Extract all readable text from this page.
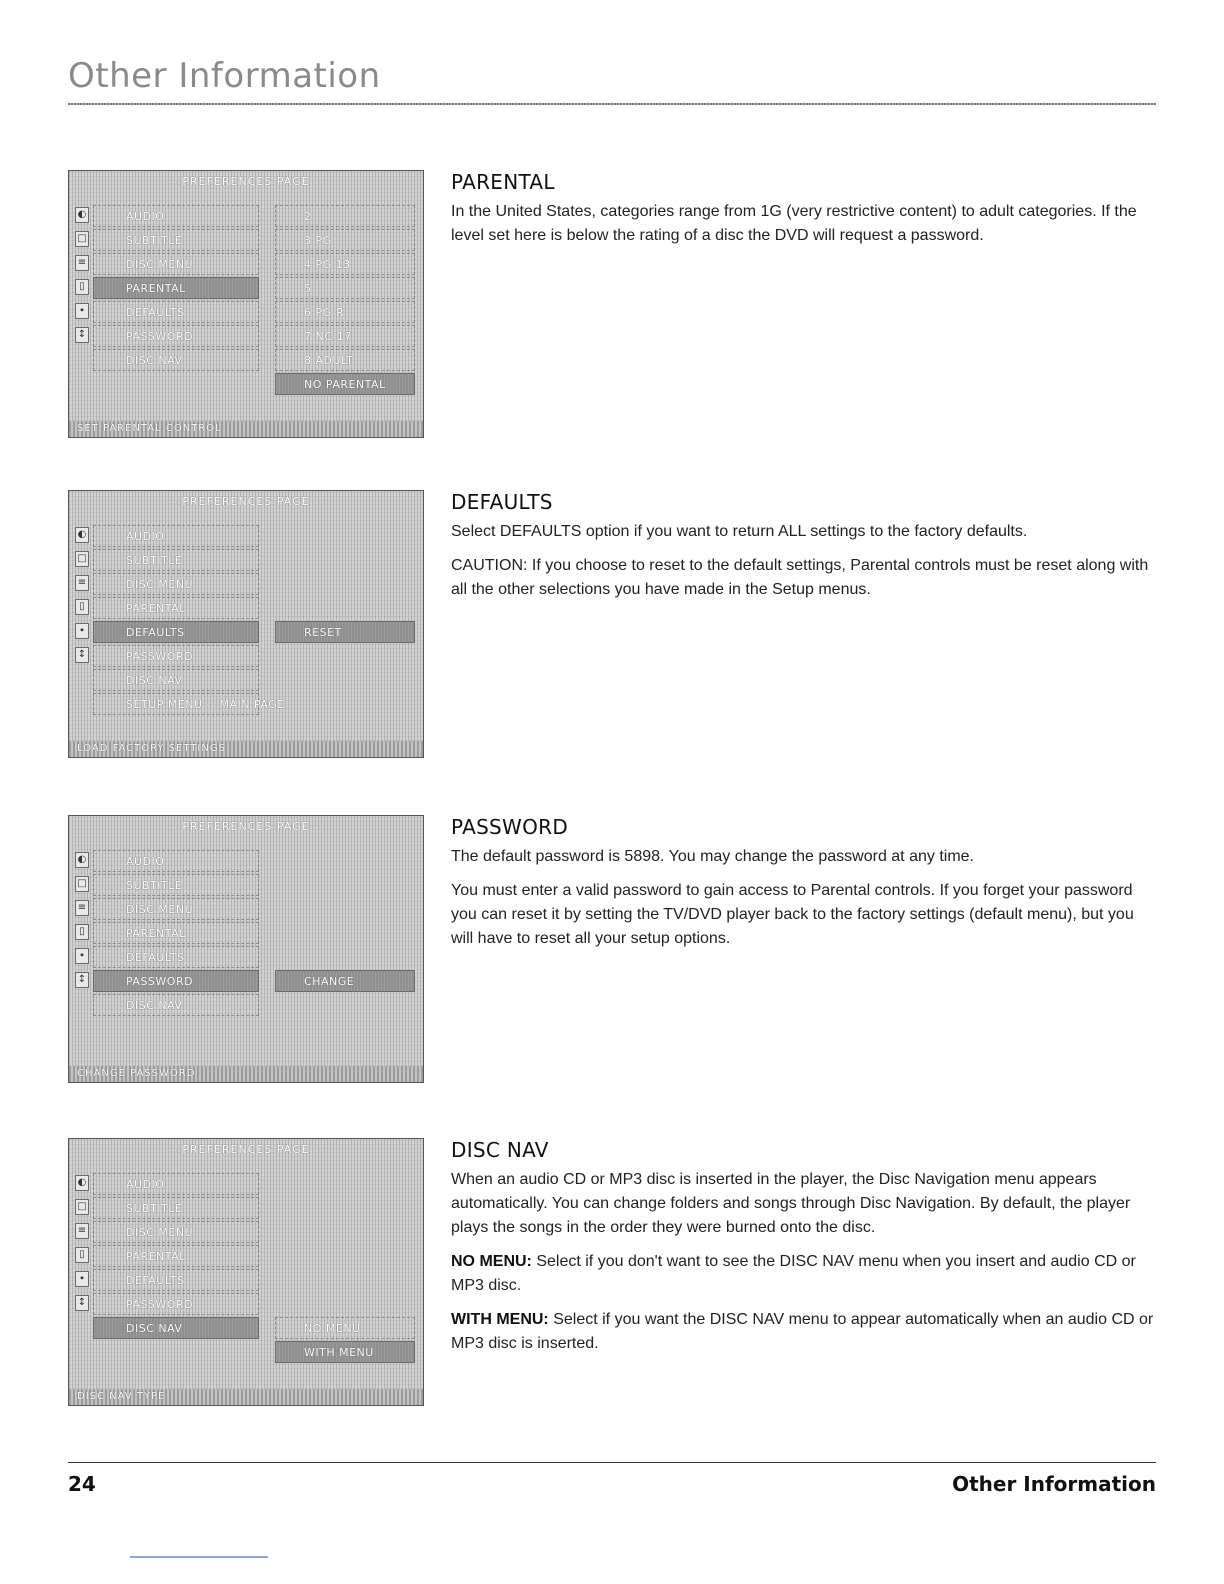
Other Information
-- PREFERENCES PAGE --
◐
□
≡
▯
∙
↕
AUDIO
SUBTITLE
DISC MENU
PARENTAL
DEFAULTS
PASSWORD
DISC NAV
2
3 PG
4 PG 13
5
6 PG-R
7 NC-17
8 ADULT
NO PARENTAL
SET PARENTAL CONTROL
PARENTAL

In the United States, categories range from 1G (very restrictive content) to adult categories. If the level set here is below the rating of a disc the DVD will request a password.

-- PREFERENCES PAGE --
◐
□
≡
▯
∙
↕
AUDIO
SUBTITLE
DISC MENU
PARENTAL
DEFAULTS
PASSWORD
DISC NAV
SETUP MENU -- MAIN PAGE
RESET
LOAD FACTORY SETTINGS
DEFAULTS

Select DEFAULTS option if you want to return ALL settings to the factory defaults.

CAUTION: If you choose to reset to the default settings, Parental controls must be reset along with all the other selections you have made in the Setup menus.

-- PREFERENCES PAGE --
◐
□
≡
▯
∙
↕
AUDIO
SUBTITLE
DISC MENU
PARENTAL
DEFAULTS
PASSWORD
DISC NAV
CHANGE
CHANGE PASSWORD
PASSWORD

The default password is 5898. You may change the password at any time.

You must enter a valid password to gain access to Parental controls. If you forget your password you can reset it by setting the TV/DVD player back to the factory settings (default menu), but you will have to reset all your setup options.

-- PREFERENCES PAGE --
◐
□
≡
▯
∙
↕
AUDIO
SUBTITLE
DISC MENU
PARENTAL
DEFAULTS
PASSWORD
DISC NAV	NO MENU
WITH MENU
DISC NAV TYPE
DISC NAV

When an audio CD or MP3 disc is inserted in the player, the Disc Navigation menu appears automatically. You can change folders and songs through Disc Navigation. By default, the player plays the songs in the order they were burned onto the disc.

NO MENU: Select if you don't want to see the DISC NAV menu when you insert and audio CD or MP3 disc.

WITH MENU: Select if you want the DISC NAV menu to appear automatically when an audio CD or MP3 disc is inserted.

24	Other Information
